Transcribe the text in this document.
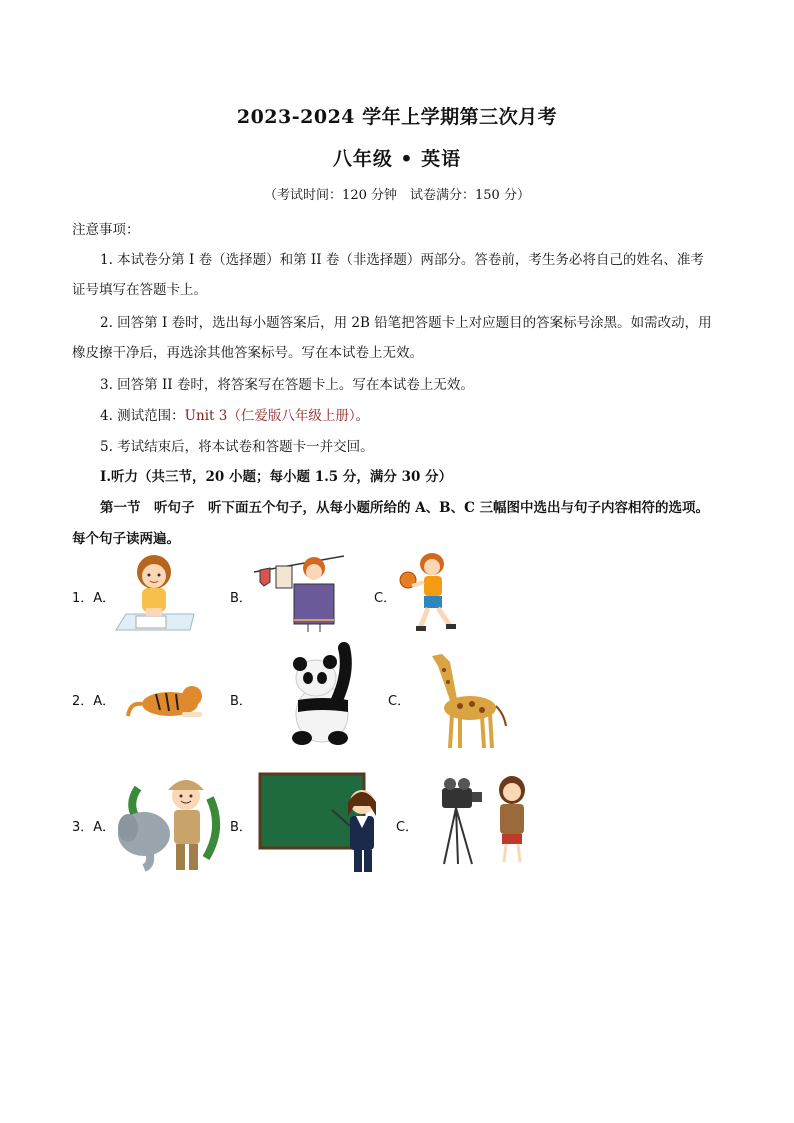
2023-2024 学年上学期第三次月考
八年级 • 英语
（考试时间：120 分钟　试卷满分：150 分）
注意事项：
1. 本试卷分第 I 卷（选择题）和第 II 卷（非选择题）两部分。答卷前，考生务必将自己的姓名、准考
证号填写在答题卡上。
2. 回答第 I 卷时，选出每小题答案后，用 2B 铅笔把答题卡上对应题目的答案标号涂黑。如需改动，用
橡皮擦干净后，再选涂其他答案标号。写在本试卷上无效。
3. 回答第 II 卷时，将答案写在答题卡上。写在本试卷上无效。
4. 测试范围：Unit 3（仁爱版八年级上册）。
5. 考试结束后，将本试卷和答题卡一并交回。
Ⅰ.听力（共三节，20 小题；每小题 1.5 分，满分 30 分）
第一节　听句子　听下面五个句子，从每小题所给的 A、B、C 三幅图中选出与句子内容相符的选项。
每个句子读两遍。
1．A．	B．	C．
2．A．	B．	C．
3．A．	B．	C．
